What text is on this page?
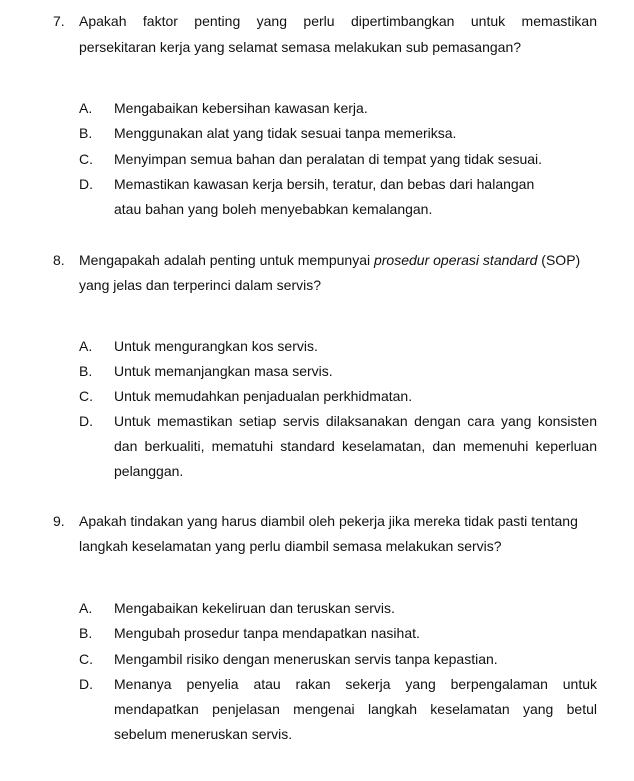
7. Apakah faktor penting yang perlu dipertimbangkan untuk memastikan
persekitaran kerja yang selamat semasa melakukan sub pemasangan?
A. Mengabaikan kebersihan kawasan kerja.
B. Menggunakan alat yang tidak sesuai tanpa memeriksa.
C. Menyimpan semua bahan dan peralatan di tempat yang tidak sesuai.
D. Memastikan kawasan kerja bersih, teratur, dan bebas dari halangan
atau bahan yang boleh menyebabkan kemalangan.
8. Mengapakah adalah penting untuk mempunyai prosedur operasi standard (SOP)
yang jelas dan terperinci dalam servis?
A. Untuk mengurangkan kos servis.
B. Untuk memanjangkan masa servis.
C. Untuk memudahkan penjadualan perkhidmatan.
D. Untuk memastikan setiap servis dilaksanakan dengan cara yang konsisten
dan berkualiti, mematuhi standard keselamatan, dan memenuhi keperluan
pelanggan.
9. Apakah tindakan yang harus diambil oleh pekerja jika mereka tidak pasti tentang
langkah keselamatan yang perlu diambil semasa melakukan servis?
A. Mengabaikan kekeliruan dan teruskan servis.
B. Mengubah prosedur tanpa mendapatkan nasihat.
C. Mengambil risiko dengan meneruskan servis tanpa kepastian.
D. Menanya penyelia atau rakan sekerja yang berpengalaman untuk
mendapatkan penjelasan mengenai langkah keselamatan yang betul
sebelum meneruskan servis.
